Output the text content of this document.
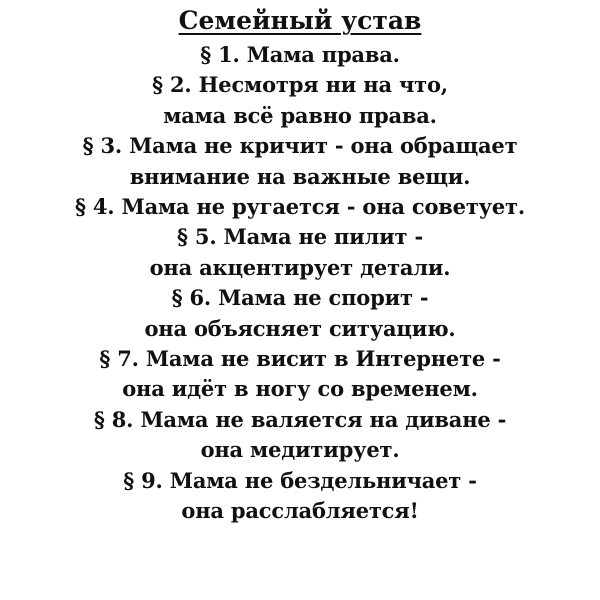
Семейный устав
§ 1. Мама права.
§ 2. Несмотря ни на что,
мама всё равно права.
§ 3. Мама не кричит - она обращает
внимание на важные вещи.
§ 4. Мама не ругается - она советует.
§ 5. Мама не пилит -
она акцентирует детали.
§ 6. Мама не спорит -
она объясняет ситуацию.
§ 7. Мама не висит в Интернете -
она идёт в ногу со временем.
§ 8. Мама не валяется на диване -
она медитирует.
§ 9. Мама не бездельничает -
она расслабляется!
